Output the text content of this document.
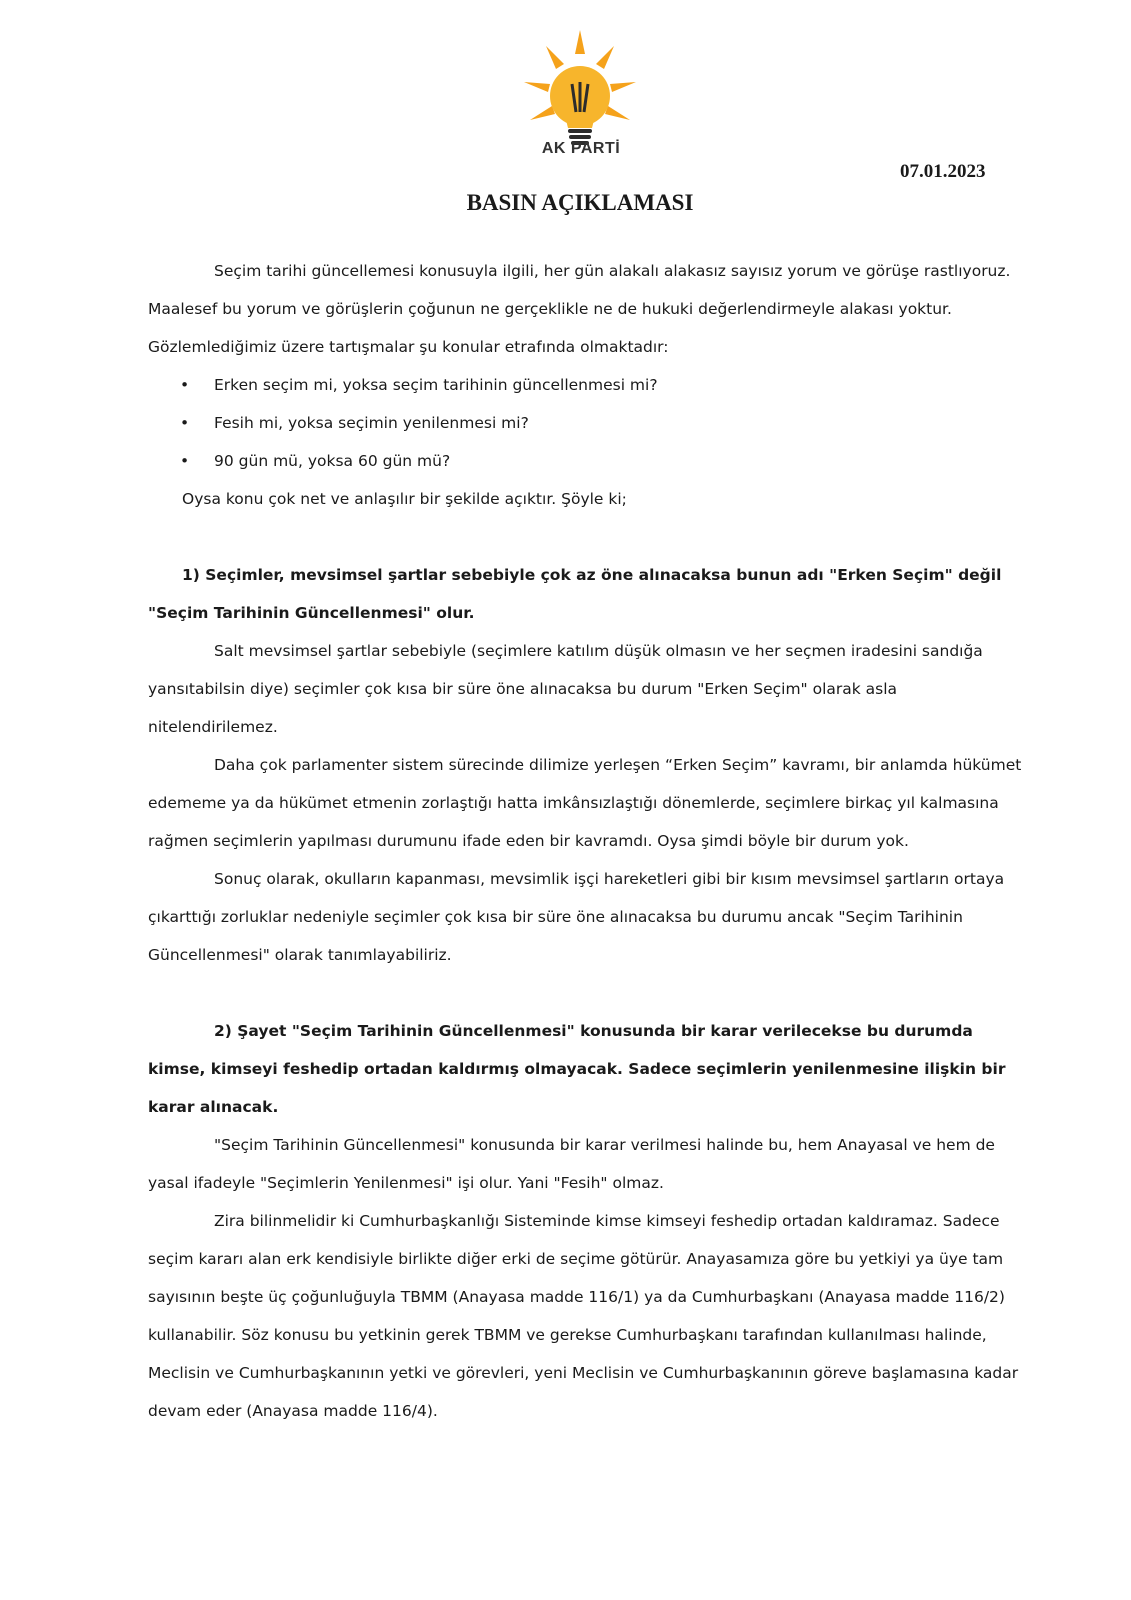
AK PARTİ
07.01.2023
BASIN AÇIKLAMASI

Seçim tarihi güncellemesi konusuyla ilgili, her gün alakalı alakasız sayısız yorum ve görüşe rastlıyoruz. Maalesef bu yorum ve görüşlerin çoğunun ne gerçeklikle ne de hukuki değerlendirmeyle alakası yoktur. Gözlemlediğimiz üzere tartışmalar şu konular etrafında olmaktadır:

• Erken seçim mi, yoksa seçim tarihinin güncellenmesi mi?
• Fesih mi, yoksa seçimin yenilenmesi mi?
• 90 gün mü, yoksa 60 gün mü?

Oysa konu çok net ve anlaşılır bir şekilde açıktır. Şöyle ki;

1) Seçimler, mevsimsel şartlar sebebiyle çok az öne alınacaksa bunun adı "Erken Seçim" değil "Seçim Tarihinin Güncellenmesi" olur.

Salt mevsimsel şartlar sebebiyle (seçimlere katılım düşük olmasın ve her seçmen iradesini sandığa yansıtabilsin diye) seçimler çok kısa bir süre öne alınacaksa bu durum "Erken Seçim" olarak asla nitelendirilemez.

Daha çok parlamenter sistem sürecinde dilimize yerleşen “Erken Seçim” kavramı, bir anlamda hükümet edememe ya da hükümet etmenin zorlaştığı hatta imkânsızlaştığı dönemlerde, seçimlere birkaç yıl kalmasına rağmen seçimlerin yapılması durumunu ifade eden bir kavramdı. Oysa şimdi böyle bir durum yok.

Sonuç olarak, okulların kapanması, mevsimlik işçi hareketleri gibi bir kısım mevsimsel şartların ortaya çıkarttığı zorluklar nedeniyle seçimler çok kısa bir süre öne alınacaksa bu durumu ancak "Seçim Tarihinin Güncellenmesi" olarak tanımlayabiliriz.

2) Şayet "Seçim Tarihinin Güncellenmesi" konusunda bir karar verilecekse bu durumda kimse, kimseyi feshedip ortadan kaldırmış olmayacak. Sadece seçimlerin yenilenmesine ilişkin bir karar alınacak.

"Seçim Tarihinin Güncellenmesi" konusunda bir karar verilmesi halinde bu, hem Anayasal ve hem de yasal ifadeyle "Seçimlerin Yenilenmesi" işi olur. Yani "Fesih" olmaz.

Zira bilinmelidir ki Cumhurbaşkanlığı Sisteminde kimse kimseyi feshedip ortadan kaldıramaz. Sadece seçim kararı alan erk kendisiyle birlikte diğer erki de seçime götürür. Anayasamıza göre bu yetkiyi ya üye tam sayısının beşte üç çoğunluğuyla TBMM (Anayasa madde 116/1) ya da Cumhurbaşkanı (Anayasa madde 116/2) kullanabilir. Söz konusu bu yetkinin gerek TBMM ve gerekse Cumhurbaşkanı tarafından kullanılması halinde, Meclisin ve Cumhurbaşkanının yetki ve görevleri, yeni Meclisin ve Cumhurbaşkanının göreve başlamasına kadar devam eder (Anayasa madde 116/4).
